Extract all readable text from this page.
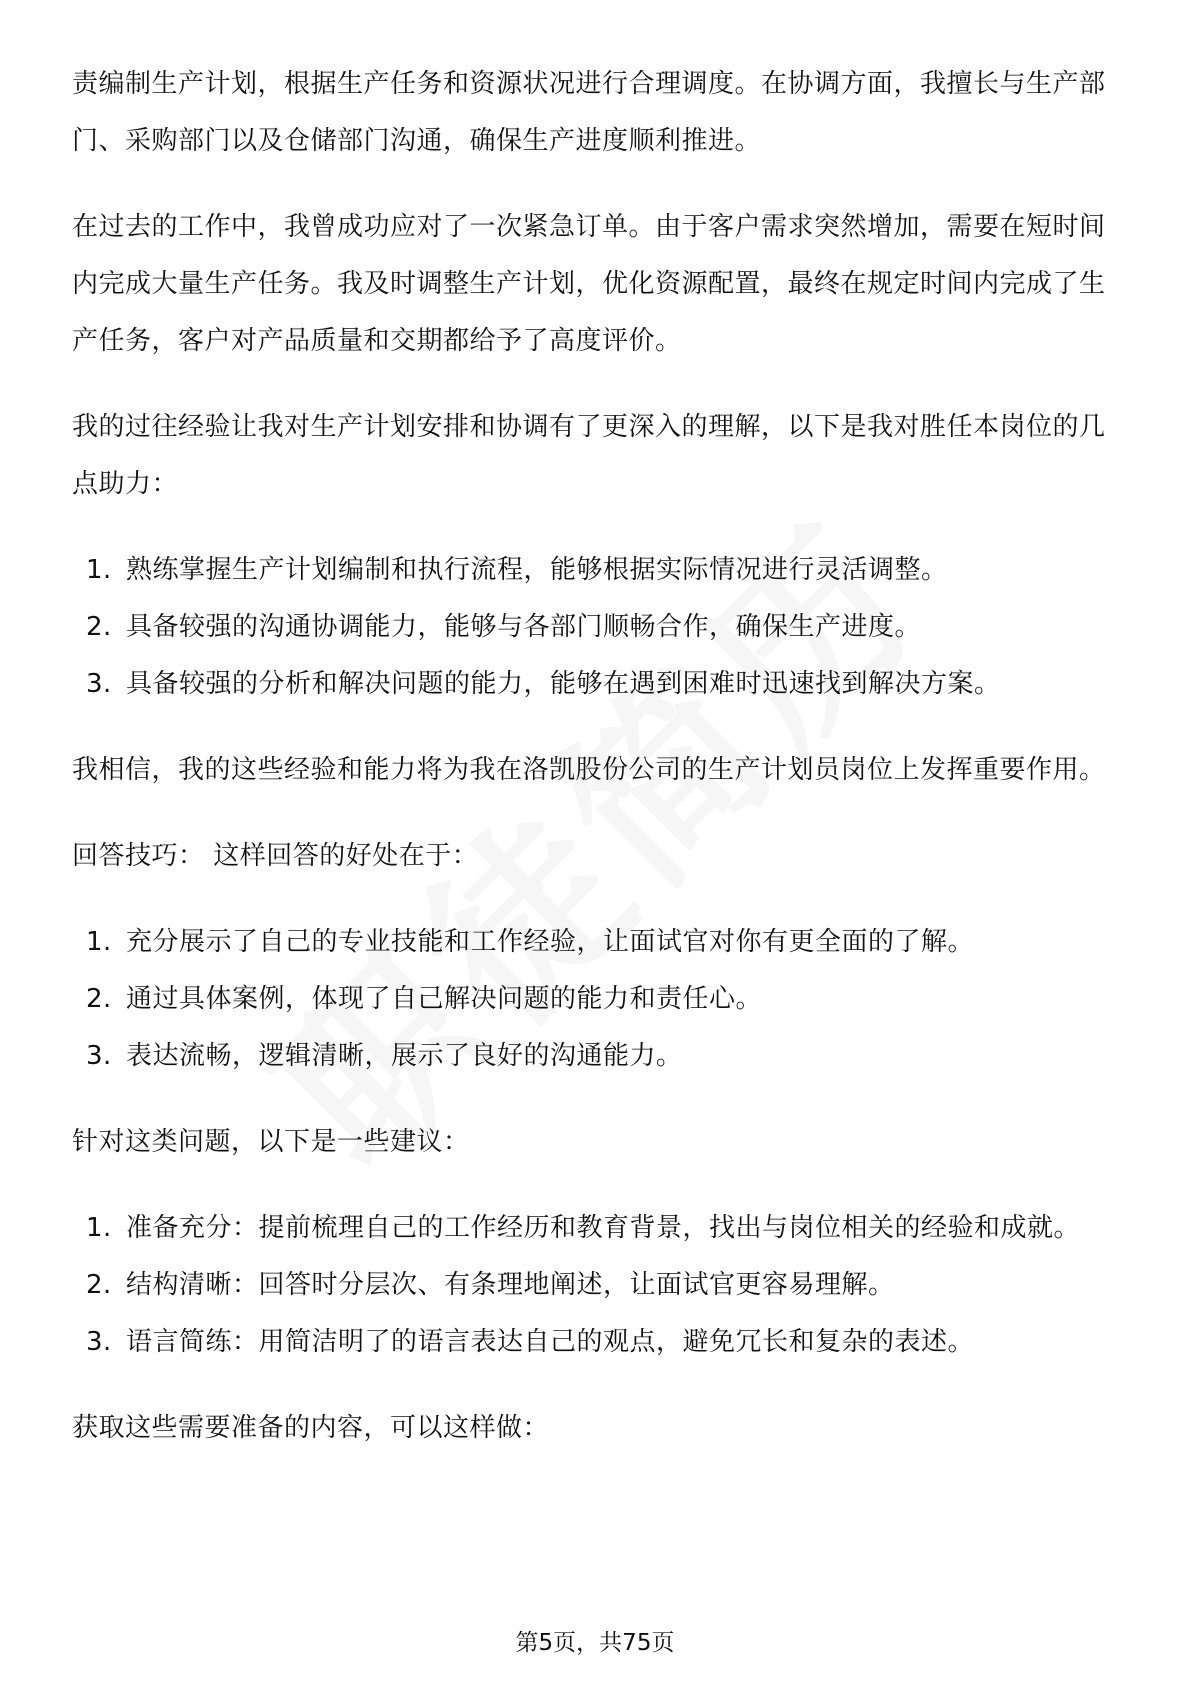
责编制生产计划，根据生产任务和资源状况进行合理调度。在协调方面，我擅长与生产部门、采购部门以及仓储部门沟通，确保生产进度顺利推进。

在过去的工作中，我曾成功应对了一次紧急订单。由于客户需求突然增加，需要在短时间内完成大量生产任务。我及时调整生产计划，优化资源配置，最终在规定时间内完成了生产任务，客户对产品质量和交期都给予了高度评价。

我的过往经验让我对生产计划安排和协调有了更深入的理解，以下是我对胜任本岗位的几点助力：

1. 熟练掌握生产计划编制和执行流程，能够根据实际情况进行灵活调整。
2. 具备较强的沟通协调能力，能够与各部门顺畅合作，确保生产进度。
3. 具备较强的分析和解决问题的能力，能够在遇到困难时迅速找到解决方案。

我相信，我的这些经验和能力将为我在洛凯股份公司的生产计划员岗位上发挥重要作用。

回答技巧： 这样回答的好处在于：

1. 充分展示了自己的专业技能和工作经验，让面试官对你有更全面的了解。
2. 通过具体案例，体现了自己解决问题的能力和责任心。
3. 表达流畅，逻辑清晰，展示了良好的沟通能力。

针对这类问题，以下是一些建议：

1. 准备充分：提前梳理自己的工作经历和教育背景，找出与岗位相关的经验和成就。
2. 结构清晰：回答时分层次、有条理地阐述，让面试官更容易理解。
3. 语言简练：用简洁明了的语言表达自己的观点，避免冗长和复杂的表述。

获取这些需要准备的内容，可以这样做：

第5页，共75页
